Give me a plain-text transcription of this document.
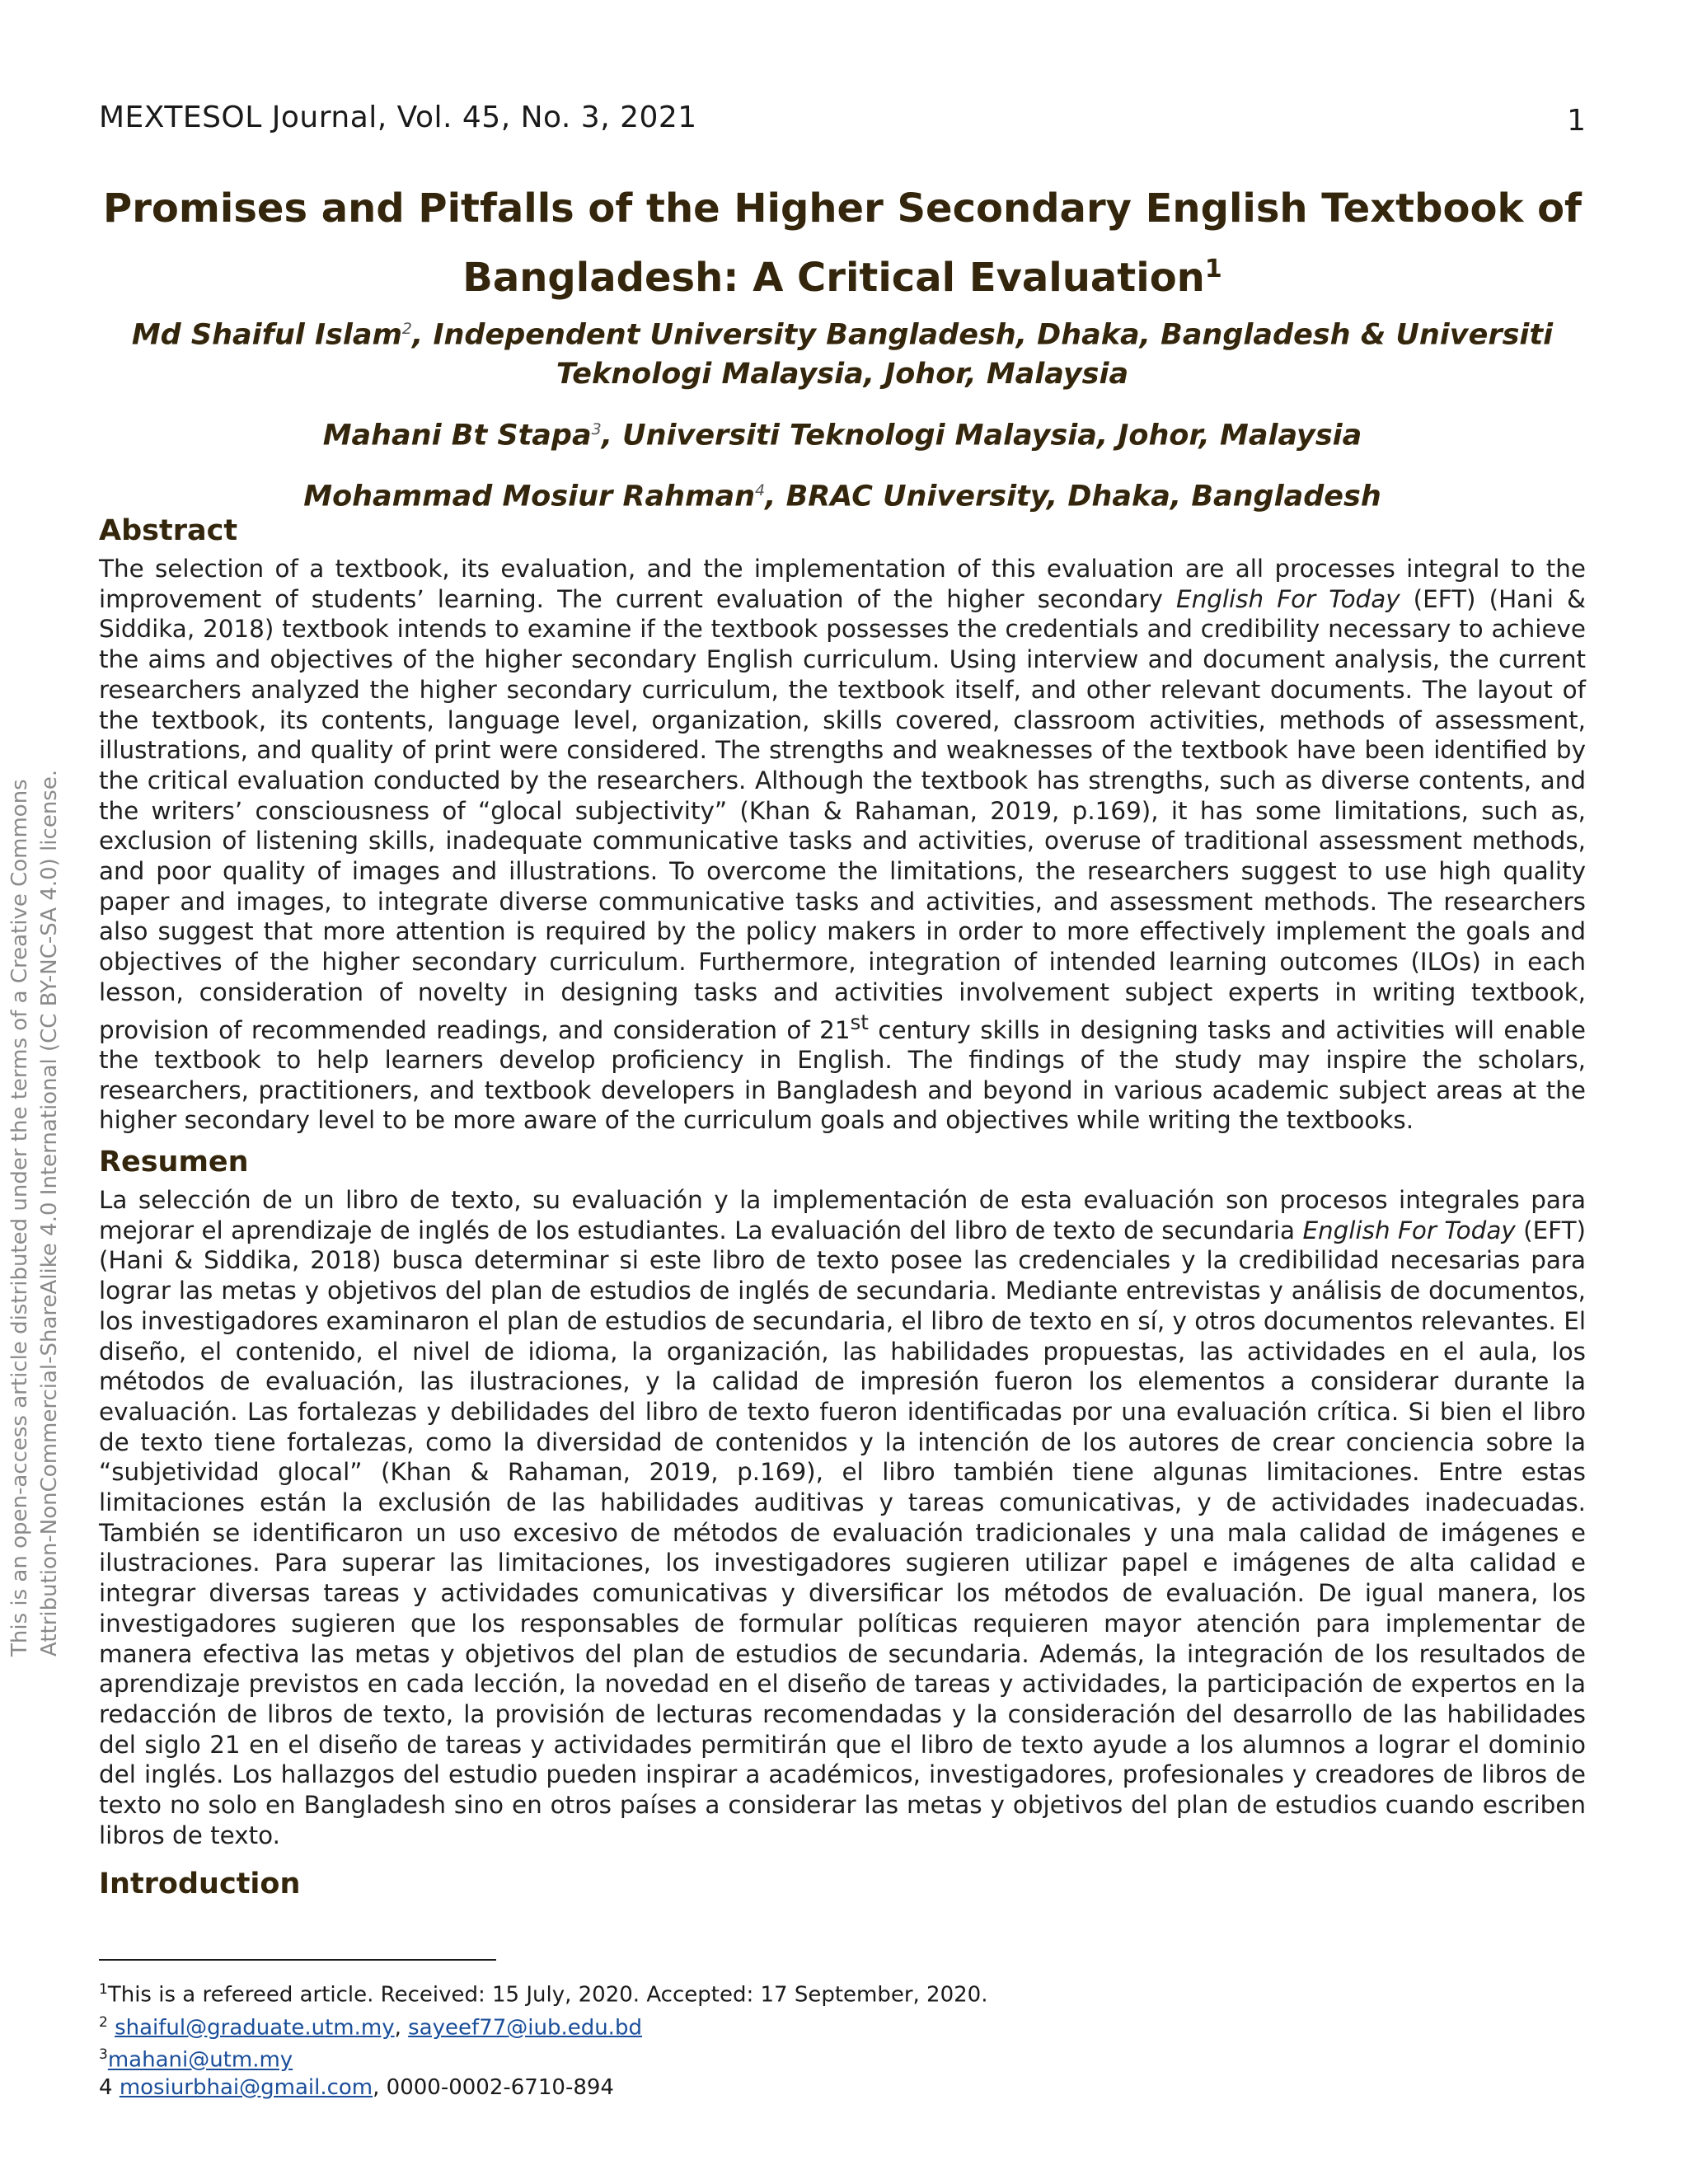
MEXTESOL Journal, Vol. 45, No. 3, 2021	1
Promises and Pitfalls of the Higher Secondary English Textbook of
Bangladesh: A Critical Evaluation$^1$
Md Shaiful Islam$^2$, Independent University Bangladesh, Dhaka, Bangladesh & Universiti
Teknologi Malaysia, Johor, Malaysia
Mahani Bt Stapa$^3$, Universiti Teknologi Malaysia, Johor, Malaysia
Mohammad Mosiur Rahman$^4$, BRAC University, Dhaka, Bangladesh
Abstract

The selection of a textbook, its evaluation, and the implementation of this evaluation are all processes integral to the improvement of students’ learning. The current evaluation of the higher secondary English For Today (EFT) (Hani & Siddika, 2018) textbook intends to examine if the textbook possesses the credentials and credibility necessary to achieve the aims and objectives of the higher secondary English curriculum. Using interview and document analysis, the current researchers analyzed the higher secondary curriculum, the textbook itself, and other relevant documents. The layout of the textbook, its contents, language level, organization, skills covered, classroom activities, methods of assessment, illustrations, and quality of print were considered. The strengths and weaknesses of the textbook have been identified by the critical evaluation conducted by the researchers. Although the textbook has strengths, such as diverse contents, and the writers’ consciousness of “glocal subjectivity” (Khan & Rahaman, 2019, p.169), it has some limitations, such as, exclusion of listening skills, inadequate communicative tasks and activities, overuse of traditional assessment methods, and poor quality of images and illustrations. To overcome the limitations, the researchers suggest to use high quality paper and images, to integrate diverse communicative tasks and activities, and assessment methods. The researchers also suggest that more attention is required by the policy makers in order to more effectively implement the goals and objectives of the higher secondary curriculum. Furthermore, integration of intended learning outcomes (ILOs) in each lesson, consideration of novelty in designing tasks and activities involvement subject experts in writing textbook, provision of recommended readings, and consideration of 21st century skills in designing tasks and activities will enable the textbook to help learners develop proficiency in English. The findings of the study may inspire the scholars, researchers, practitioners, and textbook developers in Bangladesh and beyond in various academic subject areas at the higher secondary level to be more aware of the curriculum goals and objectives while writing the textbooks.

Resumen

La selección de un libro de texto, su evaluación y la implementación de esta evaluación son procesos integrales para mejorar el aprendizaje de inglés de los estudiantes. La evaluación del libro de texto de secundaria English For Today (EFT) (Hani & Siddika, 2018) busca determinar si este libro de texto posee las credenciales y la credibilidad necesarias para lograr las metas y objetivos del plan de estudios de inglés de secundaria. Mediante entrevistas y análisis de documentos, los investigadores examinaron el plan de estudios de secundaria, el libro de texto en sí, y otros documentos relevantes. El diseño, el contenido, el nivel de idioma, la organización, las habilidades propuestas, las actividades en el aula, los métodos de evaluación, las ilustraciones, y la calidad de impresión fueron los elementos a considerar durante la evaluación. Las fortalezas y debilidades del libro de texto fueron identificadas por una evaluación crítica. Si bien el libro de texto tiene fortalezas, como la diversidad de contenidos y la intención de los autores de crear conciencia sobre la “subjetividad glocal” (Khan & Rahaman, 2019, p.169), el libro también tiene algunas limitaciones. Entre estas limitaciones están la exclusión de las habilidades auditivas y tareas comunicativas, y de actividades inadecuadas. También se identificaron un uso excesivo de métodos de evaluación tradicionales y una mala calidad de imágenes e ilustraciones. Para superar las limitaciones, los investigadores sugieren utilizar papel e imágenes de alta calidad e integrar diversas tareas y actividades comunicativas y diversificar los métodos de evaluación. De igual manera, los investigadores sugieren que los responsables de formular políticas requieren mayor atención para implementar de manera efectiva las metas y objetivos del plan de estudios de secundaria. Además, la integración de los resultados de aprendizaje previstos en cada lección, la novedad en el diseño de tareas y actividades, la participación de expertos en la redacción de libros de texto, la provisión de lecturas recomendadas y la consideración del desarrollo de las habilidades del siglo 21 en el diseño de tareas y actividades permitirán que el libro de texto ayude a los alumnos a lograr el dominio del inglés. Los hallazgos del estudio pueden inspirar a académicos, investigadores, profesionales y creadores de libros de texto no solo en Bangladesh sino en otros países a considerar las metas y objetivos del plan de estudios cuando escriben libros de texto.

Introduction
This is an open-access article distributed under the terms of a Creative Commons Attribution-NonCommercial-ShareAlike 4.0 International (CC BY-NC-SA 4.0) license.
$^1$This is a refereed article. Received: 15 July, 2020. Accepted: 17 September, 2020.
$^2$ shaiful@graduate.utm.my, sayeef77@iub.edu.bd
$^3$mahani@utm.my
4 mosiurbhai@gmail.com, 0000-0002-6710-894
